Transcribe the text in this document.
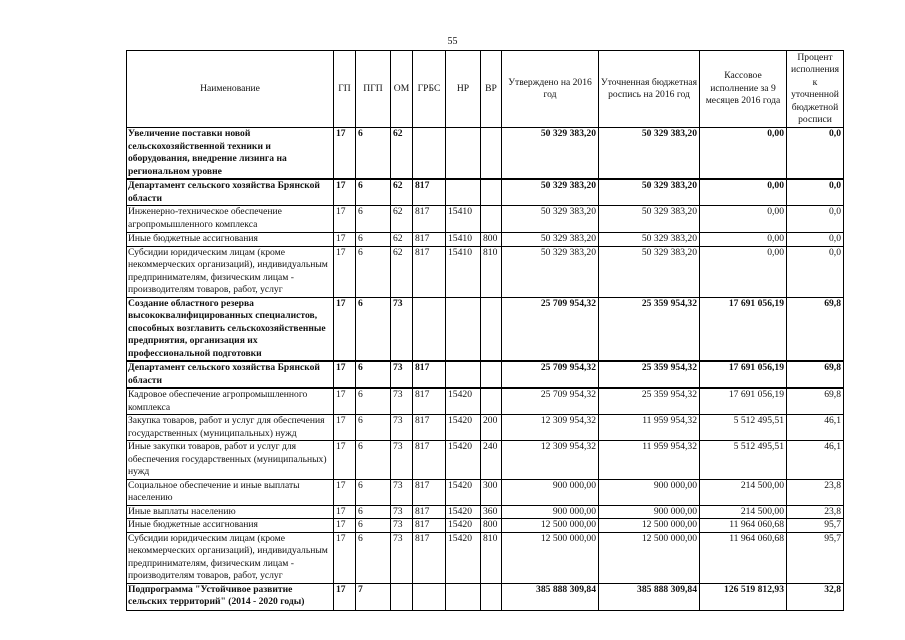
55
Наименование	ГП	ПГП	ОМ	ГРБС	НР	ВР	Утверждено на 2016 год	Уточненная бюджетная роспись на 2016 год	Кассовое исполнение за 9 месяцев 2016 года	Процент исполнения к уточненной бюджетной росписи
Увеличение поставки новой сельскохозяйственной техники и оборудования, внедрение лизинга на региональном уровне	17	6	62				50 329 383,20	50 329 383,20	0,00	0,0
Департамент сельского хозяйства Брянской области	17	6	62	817			50 329 383,20	50 329 383,20	0,00	0,0
Инженерно-техническое обеспечение агропромышленного комплекса	17	6	62	817	15410		50 329 383,20	50 329 383,20	0,00	0,0
Иные бюджетные ассигнования	17	6	62	817	15410	800	50 329 383,20	50 329 383,20	0,00	0,0
Субсидии юридическим лицам (кроме некоммерческих организаций), индивидуальным предпринимателям, физическим лицам - производителям товаров, работ, услуг	17	6	62	817	15410	810	50 329 383,20	50 329 383,20	0,00	0,0
Создание областного резерва высококвалифицированных специалистов, способных возглавить сельскохозяйственные предприятия, организация их профессиональной подготовки	17	6	73				25 709 954,32	25 359 954,32	17 691 056,19	69,8
Департамент сельского хозяйства Брянской области	17	6	73	817			25 709 954,32	25 359 954,32	17 691 056,19	69,8
Кадровое обеспечение агропромышленного комплекса	17	6	73	817	15420		25 709 954,32	25 359 954,32	17 691 056,19	69,8
Закупка товаров, работ и услуг для обеспечения государственных (муниципальных) нужд	17	6	73	817	15420	200	12 309 954,32	11 959 954,32	5 512 495,51	46,1
Иные закупки товаров, работ и услуг для обеспечения государственных (муниципальных) нужд	17	6	73	817	15420	240	12 309 954,32	11 959 954,32	5 512 495,51	46,1
Социальное обеспечение и иные выплаты населению	17	6	73	817	15420	300	900 000,00	900 000,00	214 500,00	23,8
Иные выплаты населению	17	6	73	817	15420	360	900 000,00	900 000,00	214 500,00	23,8
Иные бюджетные ассигнования	17	6	73	817	15420	800	12 500 000,00	12 500 000,00	11 964 060,68	95,7
Субсидии юридическим лицам (кроме некоммерческих организаций), индивидуальным предпринимателям, физическим лицам - производителям товаров, работ, услуг	17	6	73	817	15420	810	12 500 000,00	12 500 000,00	11 964 060,68	95,7
Подпрограмма "Устойчивое развитие сельских территорий" (2014 - 2020 годы)	17	7					385 888 309,84	385 888 309,84	126 519 812,93	32,8
